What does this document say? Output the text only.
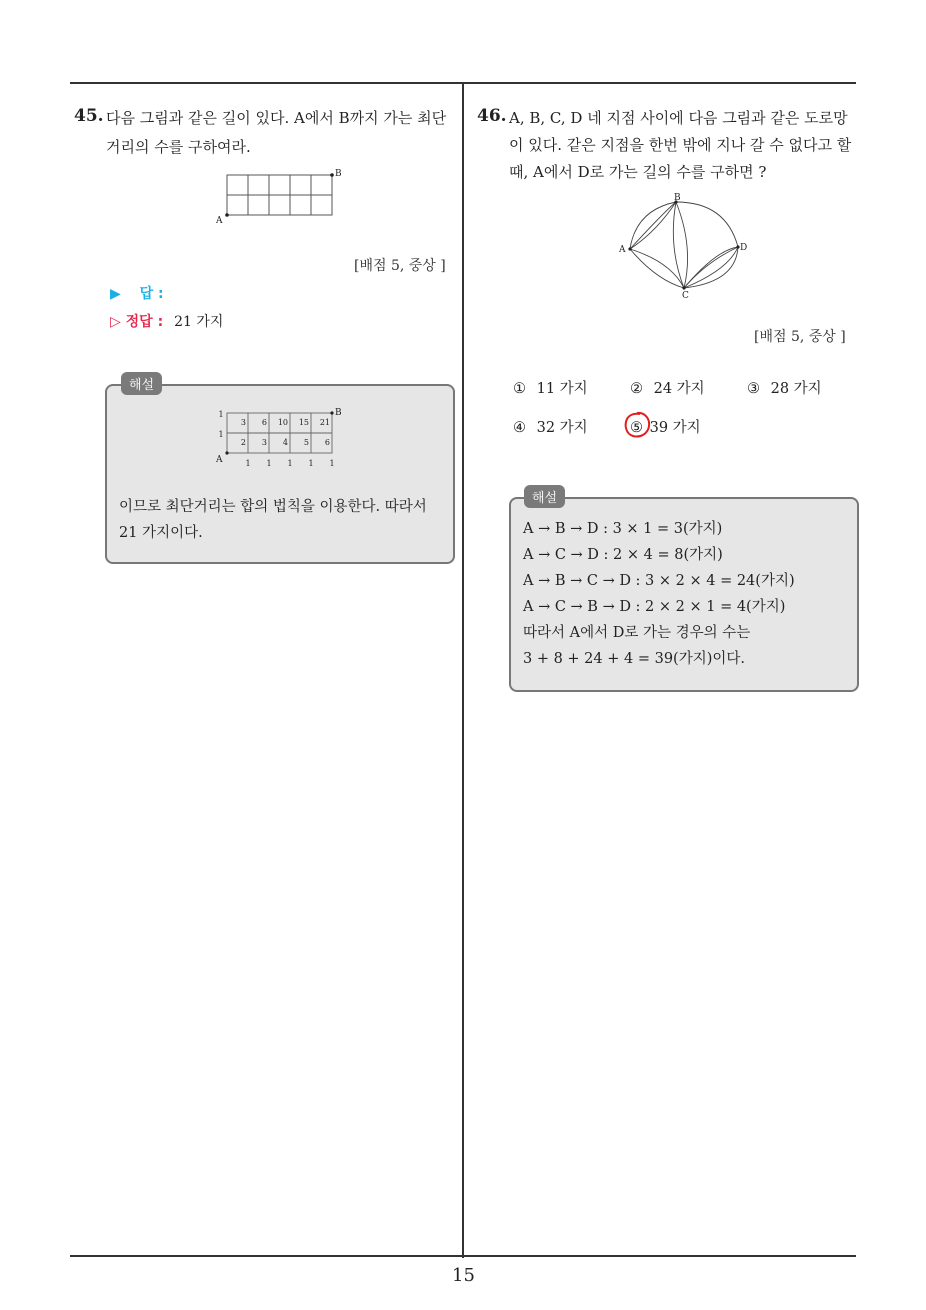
15
45. 다음 그림과 같은 길이 있다. A에서 B까지 가는 최단
거리의 수를 구하여라.
A
B
[배점 5, 중상 ]
▶ 답 :
▷ 정답 : 21 가지
해설
3 6 10 15 21
2 3 4 5 6
1 1 1 1 1
1
1
A
B
이므로 최단거리는 합의 법칙을 이용한다. 따라서
21 가지이다.
46. A, B, C, D 네 지점 사이에 다음 그림과 같은 도로망
이 있다. 같은 지점을 한번 밖에 지나 갈 수 없다고 할
때, A에서 D로 가는 길의 수를 구하면 ?
A
B
C
D
[배점 5, 중상 ]
① 11 가지	② 24 가지	③ 28 가지
④ 32 가지	⑤ 39 가지
해설
A → B → D : 3 × 1 = 3(가지)
A → C → D : 2 × 4 = 8(가지)
A → B → C → D : 3 × 2 × 4 = 24(가지)
A → C → B → D : 2 × 2 × 1 = 4(가지)
따라서 A에서 D로 가는 경우의 수는
3 + 8 + 24 + 4 = 39(가지)이다.
